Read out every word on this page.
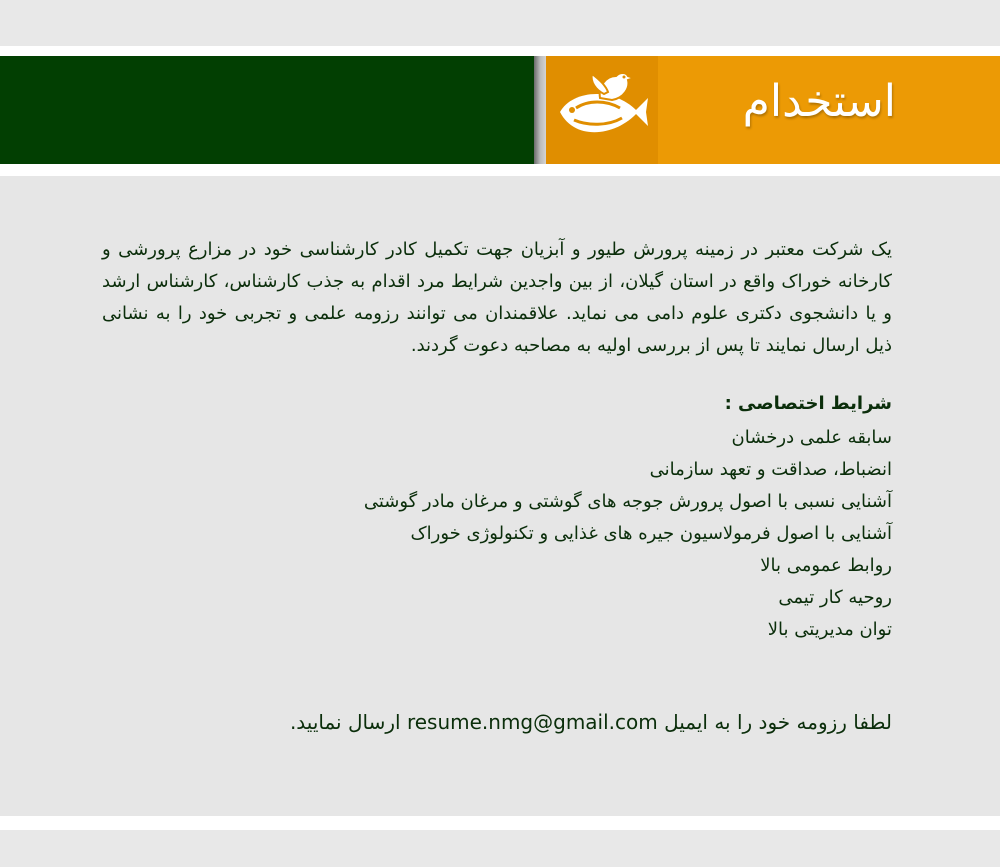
استخدام

یک شرکت معتبر در زمینه پرورش طیور و آبزیان جهت تکمیل کادر کارشناسی خود در مزارع پرورشی و کارخانه خوراک واقع در استان گیلان، از بین واجدین شرایط مرد اقدام به جذب کارشناس، کارشناس ارشد و یا دانشجوی دکتری علوم دامی می نماید. علاقمندان می توانند رزومه علمی و تجربی خود را به نشانی ذیل ارسال نمایند تا پس از بررسی اولیه به مصاحبه دعوت گردند.

شرایط اختصاصی :
سابقه علمی درخشان
انضباط، صداقت و تعهد سازمانی
آشنایی نسبی با اصول پرورش جوجه های گوشتی و مرغان مادر گوشتی
آشنایی با اصول فرمولاسیون جیره های غذایی و تکنولوژی خوراک
روابط عمومی بالا
روحیه کار تیمی
توان مدیریتی بالا

لطفا رزومه خود را به ایمیل resume.nmg@gmail.com ارسال نمایید.
